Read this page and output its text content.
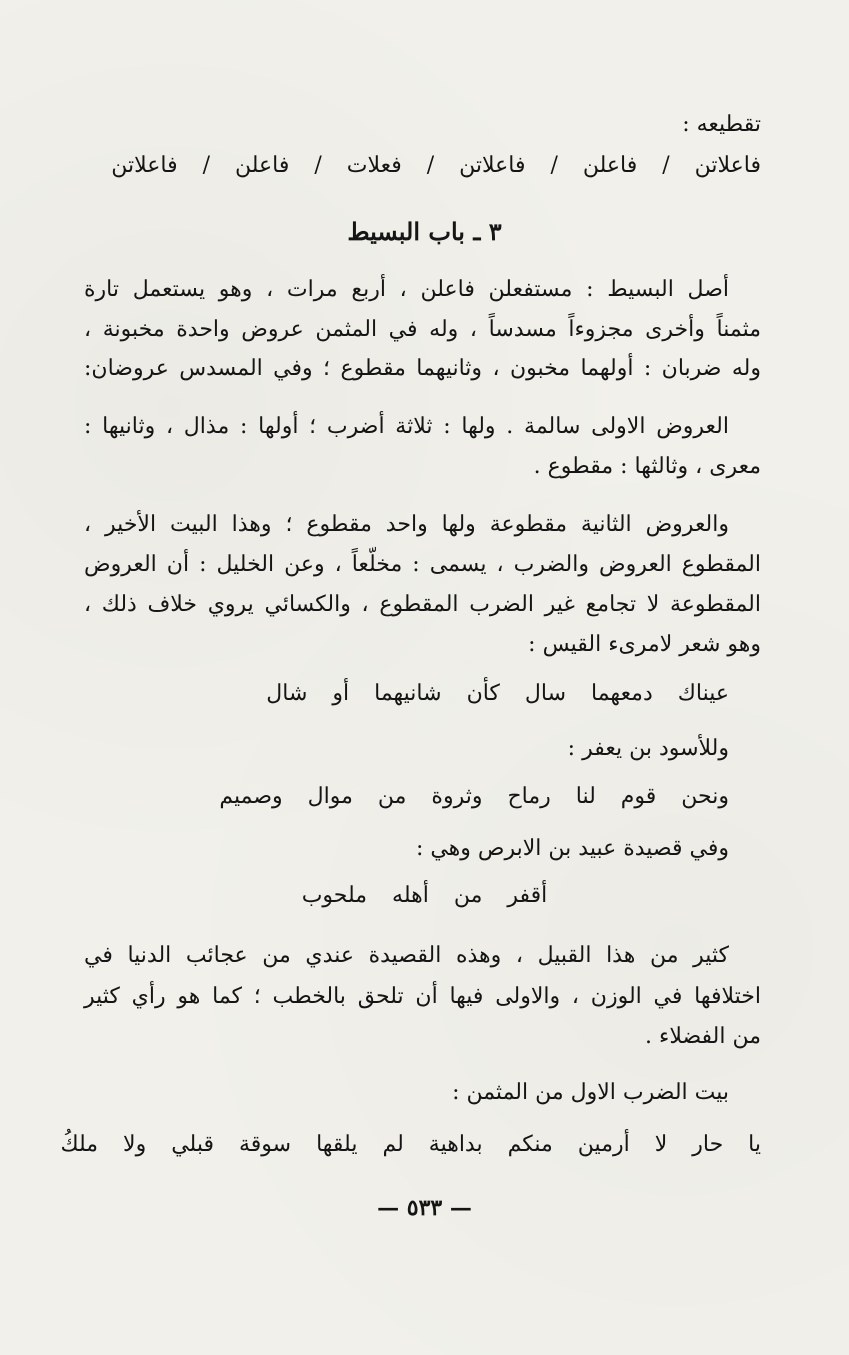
تقطيعه :
فاعلاتن / فاعلن / فاعلاتن / فعلات / فاعلن / فاعلاتن
٣ ـ باب البسيط
أصل البسيط : مستفعلن فاعلن ، أربع مرات ، وهو يستعمل تارة
مثمناً وأخرى مجزوءاً مسدساً ، وله في المثمن عروض واحدة مخبونة ،
وله ضربان : أولهما مخبون ، وثانيهما مقطوع ؛ وفي المسدس عروضان:
العروض الاولى سالمة . ولها : ثلاثة أضرب ؛ أولها : مذال ، وثانيها :
معرى ، وثالثها : مقطوع .
والعروض الثانية مقطوعة ولها واحد مقطوع ؛ وهذا البيت الأخير ،
المقطوع العروض والضرب ، يسمى : مخلّعاً ، وعن الخليل : أن العروض
المقطوعة لا تجامع غير الضرب المقطوع ، والكسائي يروي خلاف ذلك ،
وهو شعر لامرىء القيس :
عيناك دمعهما سال كأن شانيهما أو شال
وللأسود بن يعفر :
ونحن قوم لنا رماح وثروة من موال وصميم
وفي قصيدة عبيد بن الابرص وهي :
أقفر من أهله ملحوب
كثير من هذا القبيل ، وهذه القصيدة عندي من عجائب الدنيا في
اختلافها في الوزن ، والاولى فيها أن تلحق بالخطب ؛ كما هو رأي كثير
من الفضلاء .
بيت الضرب الاول من المثمن :
يا حار لا أرمين منكم بداهية لم يلقها سوقة قبلي ولا ملكُ
— ٥٣٣ —
